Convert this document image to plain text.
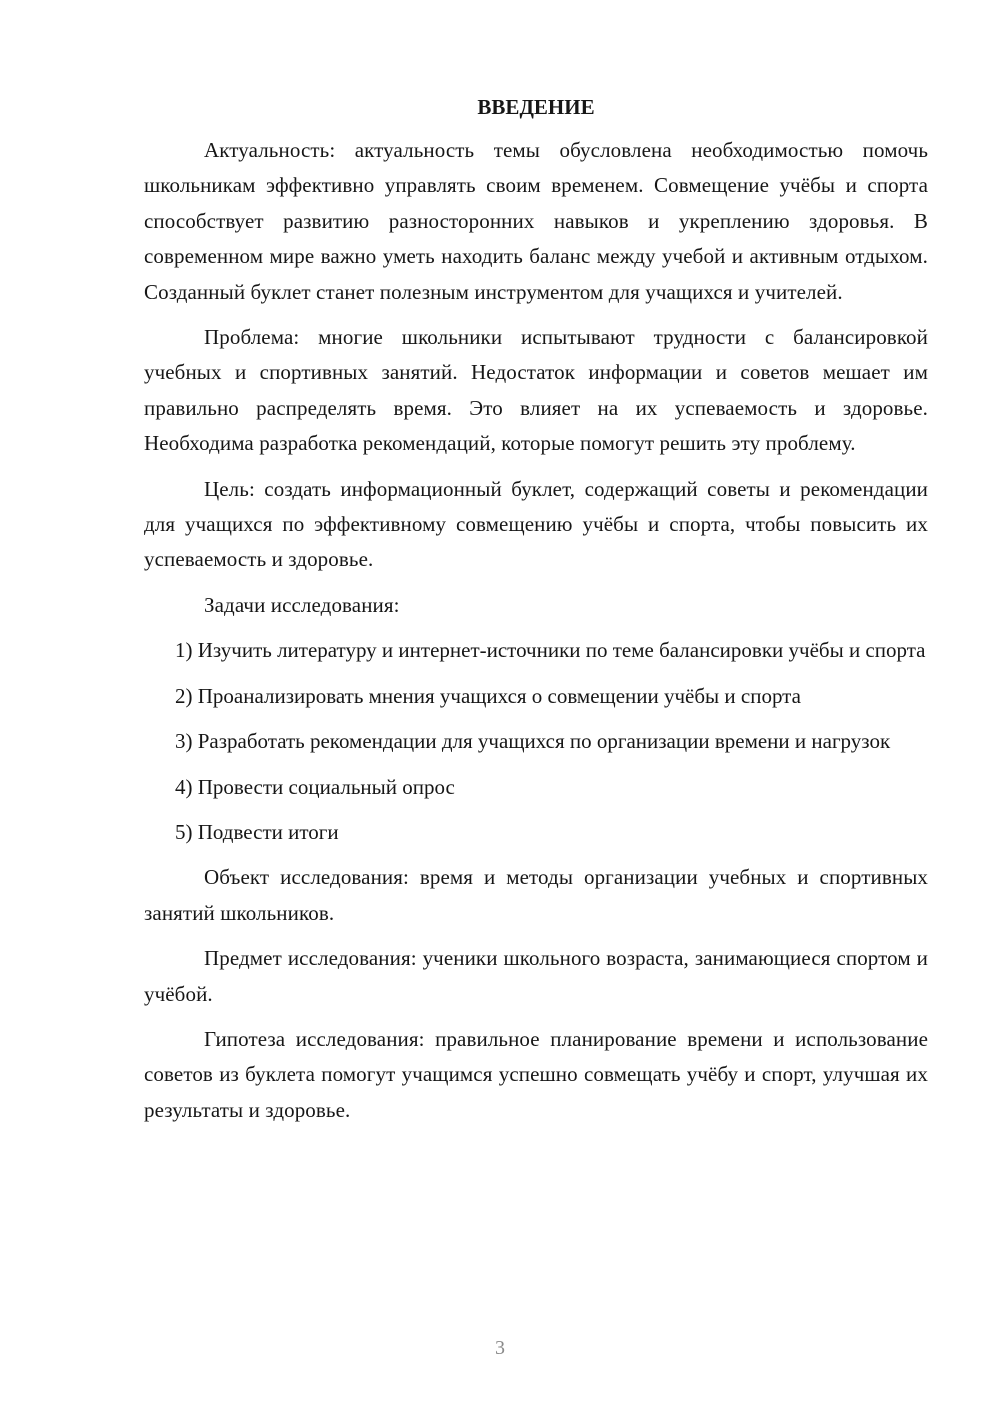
ВВЕДЕНИЕ

Актуальность: актуальность темы обусловлена необходимостью помочь школьникам эффективно управлять своим временем. Совмещение учёбы и спорта способствует развитию разносторонних навыков и укреплению здоровья. В современном мире важно уметь находить баланс между учебой и активным отдыхом. Созданный буклет станет полезным инструментом для учащихся и учителей.

Проблема: многие школьники испытывают трудности с балансировкой учебных и спортивных занятий. Недостаток информации и советов мешает им правильно распределять время. Это влияет на их успеваемость и здоровье. Необходима разработка рекомендаций, которые помогут решить эту проблему.

Цель: создать информационный буклет, содержащий советы и рекомендации для учащихся по эффективному совмещению учёбы и спорта, чтобы повысить их успеваемость и здоровье.

Задачи исследования:

1) Изучить литературу и интернет-источники по теме балансировки учёбы и спорта

2) Проанализировать мнения учащихся о совмещении учёбы и спорта

3) Разработать рекомендации для учащихся по организации времени и нагрузок

4) Провести социальный опрос

5) Подвести итоги

Объект исследования: время и методы организации учебных и спортивных занятий школьников.

Предмет исследования: ученики школьного возраста, занимающиеся спортом и учёбой.

Гипотеза исследования: правильное планирование времени и использование советов из буклета помогут учащимся успешно совмещать учёбу и спорт, улучшая их результаты и здоровье.

3
